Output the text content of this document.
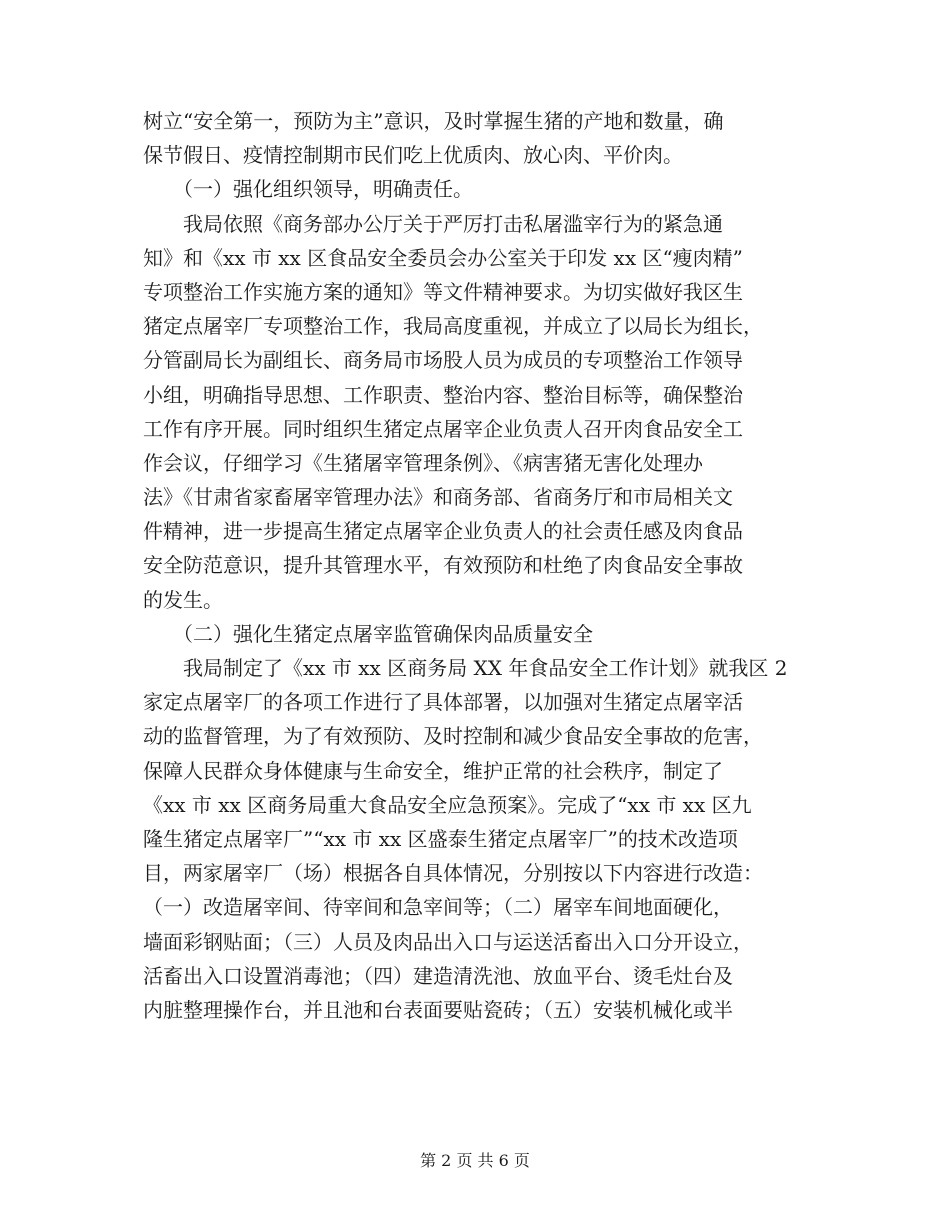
树立“安全第一，预防为主”意识，及时掌握生猪的产地和数量，确
保节假日、疫情控制期市民们吃上优质肉、放心肉、平价肉。
　　（一）强化组织领导，明确责任。
　　我局依照《商务部办公厅关于严厉打击私屠滥宰行为的紧急通
知》和《xx 市 xx 区食品安全委员会办公室关于印发 xx 区“瘦肉精”
专项整治工作实施方案的通知》等文件精神要求。为切实做好我区生
猪定点屠宰厂专项整治工作，我局高度重视，并成立了以局长为组长，
分管副局长为副组长、商务局市场股人员为成员的专项整治工作领导
小组，明确指导思想、工作职责、整治内容、整治目标等，确保整治
工作有序开展。同时组织生猪定点屠宰企业负责人召开肉食品安全工
作会议，仔细学习《生猪屠宰管理条例》、《病害猪无害化处理办
法》《甘肃省家畜屠宰管理办法》和商务部、省商务厅和市局相关文
件精神，进一步提高生猪定点屠宰企业负责人的社会责任感及肉食品
安全防范意识，提升其管理水平，有效预防和杜绝了肉食品安全事故
的发生。
　　（二）强化生猪定点屠宰监管确保肉品质量安全
　　我局制定了《xx 市 xx 区商务局 XX 年食品安全工作计划》就我区 2
家定点屠宰厂的各项工作进行了具体部署，以加强对生猪定点屠宰活
动的监督管理，为了有效预防、及时控制和减少食品安全事故的危害，
保障人民群众身体健康与生命安全，维护正常的社会秩序，制定了
《xx 市 xx 区商务局重大食品安全应急预案》。完成了“xx 市 xx 区九
隆生猪定点屠宰厂”“xx 市 xx 区盛泰生猪定点屠宰厂”的技术改造项
目，两家屠宰厂（场）根据各自具体情况，分别按以下内容进行改造：
（一）改造屠宰间、待宰间和急宰间等；（二）屠宰车间地面硬化，
墙面彩钢贴面；（三）人员及肉品出入口与运送活畜出入口分开设立，
活畜出入口设置消毒池；（四）建造清洗池、放血平台、烫毛灶台及
内脏整理操作台，并且池和台表面要贴瓷砖；（五）安装机械化或半
第 2 页 共 6 页
